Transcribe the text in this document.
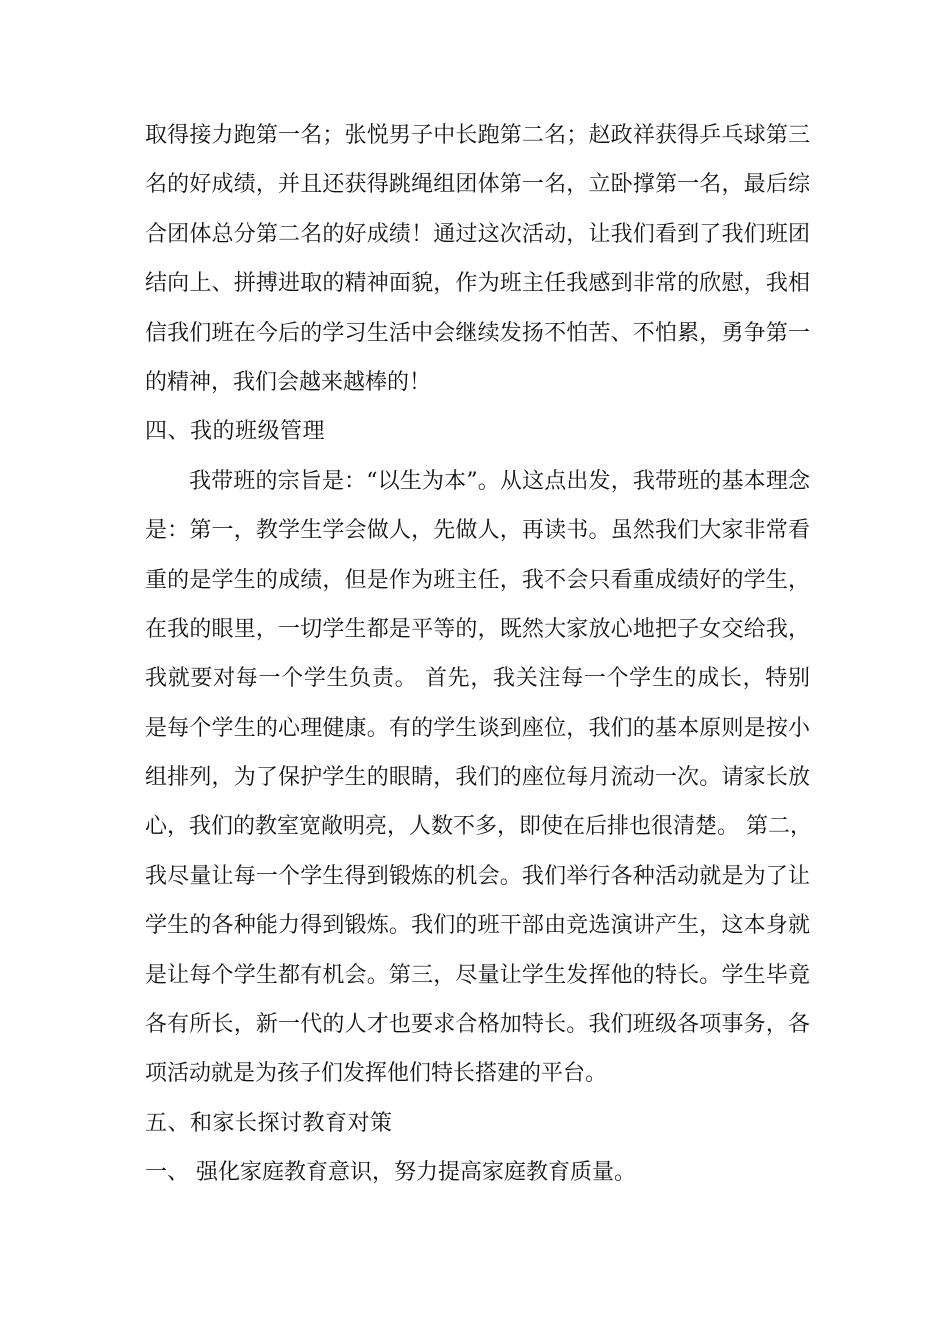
取得接力跑第一名；张悦男子中长跑第二名；赵政祥获得乒乓球第三
名的好成绩，并且还获得跳绳组团体第一名，立卧撑第一名，最后综
合团体总分第二名的好成绩！通过这次活动，让我们看到了我们班团
结向上、拼搏进取的精神面貌，作为班主任我感到非常的欣慰，我相
信我们班在今后的学习生活中会继续发扬不怕苦、不怕累，勇争第一
的精神，我们会越来越棒的！
四、我的班级管理
我带班的宗旨是：“以生为本”。从这点出发，我带班的基本理念
是：第一，教学生学会做人，先做人，再读书。虽然我们大家非常看
重的是学生的成绩，但是作为班主任，我不会只看重成绩好的学生，
在我的眼里，一切学生都是平等的，既然大家放心地把子女交给我，
我就要对每一个学生负责。 首先，我关注每一个学生的成长，特别
是每个学生的心理健康。有的学生谈到座位，我们的基本原则是按小
组排列，为了保护学生的眼睛，我们的座位每月流动一次。请家长放
心，我们的教室宽敞明亮，人数不多，即使在后排也很清楚。 第二，
我尽量让每一个学生得到锻炼的机会。我们举行各种活动就是为了让
学生的各种能力得到锻炼。我们的班干部由竞选演讲产生，这本身就
是让每个学生都有机会。第三，尽量让学生发挥他的特长。学生毕竟
各有所长，新一代的人才也要求合格加特长。我们班级各项事务，各
项活动就是为孩子们发挥他们特长搭建的平台。
五、和家长探讨教育对策
一、 强化家庭教育意识，努力提高家庭教育质量。
